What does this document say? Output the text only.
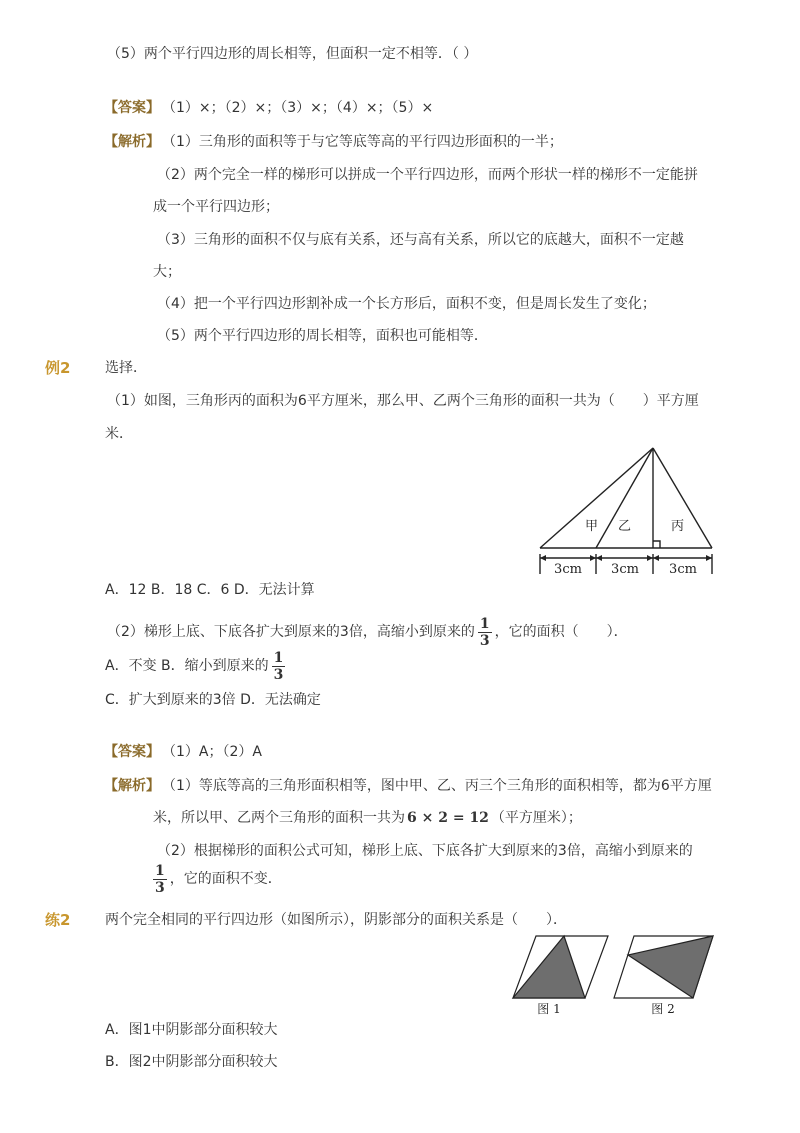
（5）两个平行四边形的周长相等，但面积一定不相等．（ ）
【答案】 （1）×；（2）×；（3）×；（4）×；（5）×
【解析】 （1）三角形的面积等于与它等底等高的平行四边形面积的一半；
（2）两个完全一样的梯形可以拼成一个平行四边形，而两个形状一样的梯形不一定能拼
成一个平行四边形；
（3）三角形的面积不仅与底有关系，还与高有关系，所以它的底越大，面积不一定越
大；
（4）把一个平行四边形割补成一个长方形后，面积不变，但是周长发生了变化；
（5）两个平行四边形的周长相等，面积也可能相等．
例2 选择．
（1）如图，三角形丙的面积为6平方厘米，那么甲、乙两个三角形的面积一共为（　　）平方厘
米．
甲 乙	丙
3cm 3cm 3cm
A．12 B．18 C．6 D．无法计算
（2）梯形上底、下底各扩大到原来的3倍，高缩小到原来的 $\frac{1}{3}$ ，它的面积（　　）．
A．不变 B．缩小到原来的 $\frac{1}{3}$
C．扩大到原来的3倍 D．无法确定
【答案】 （1）A；（2）A
【解析】 （1）等底等高的三角形面积相等，图中甲、乙、丙三个三角形的面积相等，都为6平方厘
米，所以甲、乙两个三角形的面积一共为 6 × 2 = 12 （平方厘米）；
（2）根据梯形的面积公式可知，梯形上底、下底各扩大到原来的3倍，高缩小到原来的
$\frac{1}{3}$ ，它的面积不变．
练2 两个完全相同的平行四边形（如图所示），阴影部分的面积关系是（　　）．
图 1	图 2
A．图1中阴影部分面积较大
B．图2中阴影部分面积较大
